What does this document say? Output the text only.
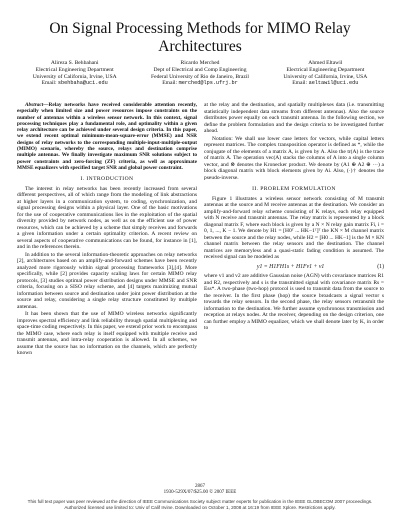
On Signal Processing Methods for MIMO Relay
Architectures
Alireza S. Behbahani
Electrical Engineering Department
University of California, Irvine, USA
Email: sbehbaha@uci.edu
Ricardo Merched
Dept of Electrical and Comp Engineering
Federal University of Rio de Janeiro, Brazil
Email: merched@lps.ufrj.br
Ahmed Eltawil
Electrical Engineering Department
University of California, Irvine, USA
Email: aeltawil@uci.edu

Abstract—Relay networks have received considerable attention recently, especially when limited size and power resources impose constraints on the number of antennas within a wireless sensor network. In this context, signal processing techniques play a fundamental role, and optimality within a given relay architecture can be achieved under several design criteria. In this paper, we extend recent optimal minimum-mean-square-error (MMSE) and NSR designs of relay networks to the corresponding multiple-input-multiple-output (MIMO) scenario, whereby the source, relays and destination comprise multiple antennas. We finally investigate maximum SNR solutions subject to power constraints and zero-forcing (ZF) criteria, as well as approximate MMSE equalizers with specified target SNR and global power constraint.

I. INTRODUCTION

The interest in relay networks has been recently increased from several different perspectives, all of which range from the modeling of link abstractions at higher layers in a communication system, to coding, synchronization, and signal processing designs within a physical layer. One of the basic motivations for the use of cooperative communications lies in the exploitation of the spatial diversity provided by network nodes, as well as on the efficient use of power resources, which can be achieved by a scheme that simply receives and forwards a given information under a certain optimality criterion. A recent review on several aspects of cooperative communications can be found, for instance in [1], and in the references therein.

In addition to the several information-theoretic approaches on relay networks [2], architectures based on an amplify-and-forward schemes have been recently analyzed more rigorously within signal processing frameworks [3],[4]. More specifically, while [2] provides capacity scaling laws for certain MIMO relay protocols, [3] studies optimal power distribution designs under MMSE and SNR criteria, focusing on a SISO relay scheme, and [4] targets maximizing mutual information between source and destination under joint power distribution at the source and relay, considering a single relay structure constituted by multiple antennas.

It has been shown that the use of MIMO wireless networks significantly improves spectral efficiency and link reliability through spatial multiplexing and space-time coding respectively. In this paper, we extend prior work to encompass the MIMO case, where each relay is itself equipped with multiple receive and transmit antennas, and intra-relay cooperation is allowed. In all schemes, we assume that the source has no information on the channels, which are perfectly known

at the relay and the destination, and spatially multiplexes data (i.e. transmitting statistically independent data streams from different antennas). Also the source distributes power equally on each transmit antenna. In the following section, we define the problem formulation and the design criteria to be investigated further ahead.

Notation: We shall use lower case letters for vectors, while capital letters represent matrices. The complex transposition operator is defined as *, while the conjugate of the elements of a matrix A, is given by A. Also the tr(A) is the trace of matrix A. The operation vec(A) stacks the columns of A into a single column vector, and ⊗ denotes the Kronecker product. We denote by (A1 ⊕ A2 ⊕ ···) a block diagonal matrix with block elements given by Ai. Also, (·)† denotes the pseudo-inverse.

II. PROBLEM FORMULATION

Figure 1 illustrates a wireless sensor network consisting of M transmit antennas at the source and M receive antennas at the destination. We consider an amplify-and-forward relay scheme consisting of K relays, each relay equipped with N receive and transmit antennas. The relay matrix is represented by a block diagonal matrix F, where each block is given by a N × N relay gain matrix Fi, i = 0, 1, ..., K − 1. We denote by H1 = [H0ᵀ ... HK−1ᵀ]ᵀ the KN × M channel matrix between the source and the relay nodes, while H2 = [H0 ... HK−1] is the M × KN channel matrix between the relay sensors and the destination. The channel matrices are memoryless and a quasi-static fading condition is assumed. The received signal can be modeled as

y1 = H1FH1s + H1Fv1 + v1	(1)

where v1 and v2 are additive Gaussian noise (AGN) with covariance matrices R1 and R2, respectively and s is the transmitted signal with covariance matrix Rs = Ess*. A two-phase (two-hop) protocol is used to transmit data from the source to the receiver. In the first phase (hop) the source broadcasts a signal vector s towards the relay sensors. In the second phase, the relay sensors retransmit the information to the destination. We further assume synchronous transmission and reception at relays nodes. At the receiver, depending on the design criterion, one can further employ a MIMO equalizer, which we shall denote later by K, in order to

2867
1930-529X/07/$25.00 © 2007 IEEE
This full text paper was peer reviewed at the direction of IEEE Communications Society subject matter experts for publication in the IEEE GLOBECOM 2007 proceedings.
Authorized licensed use limited to: Univ of Calif Irvine. Downloaded on October 1, 2008 at 16:19 from IEEE Xplore. Restrictions apply.
